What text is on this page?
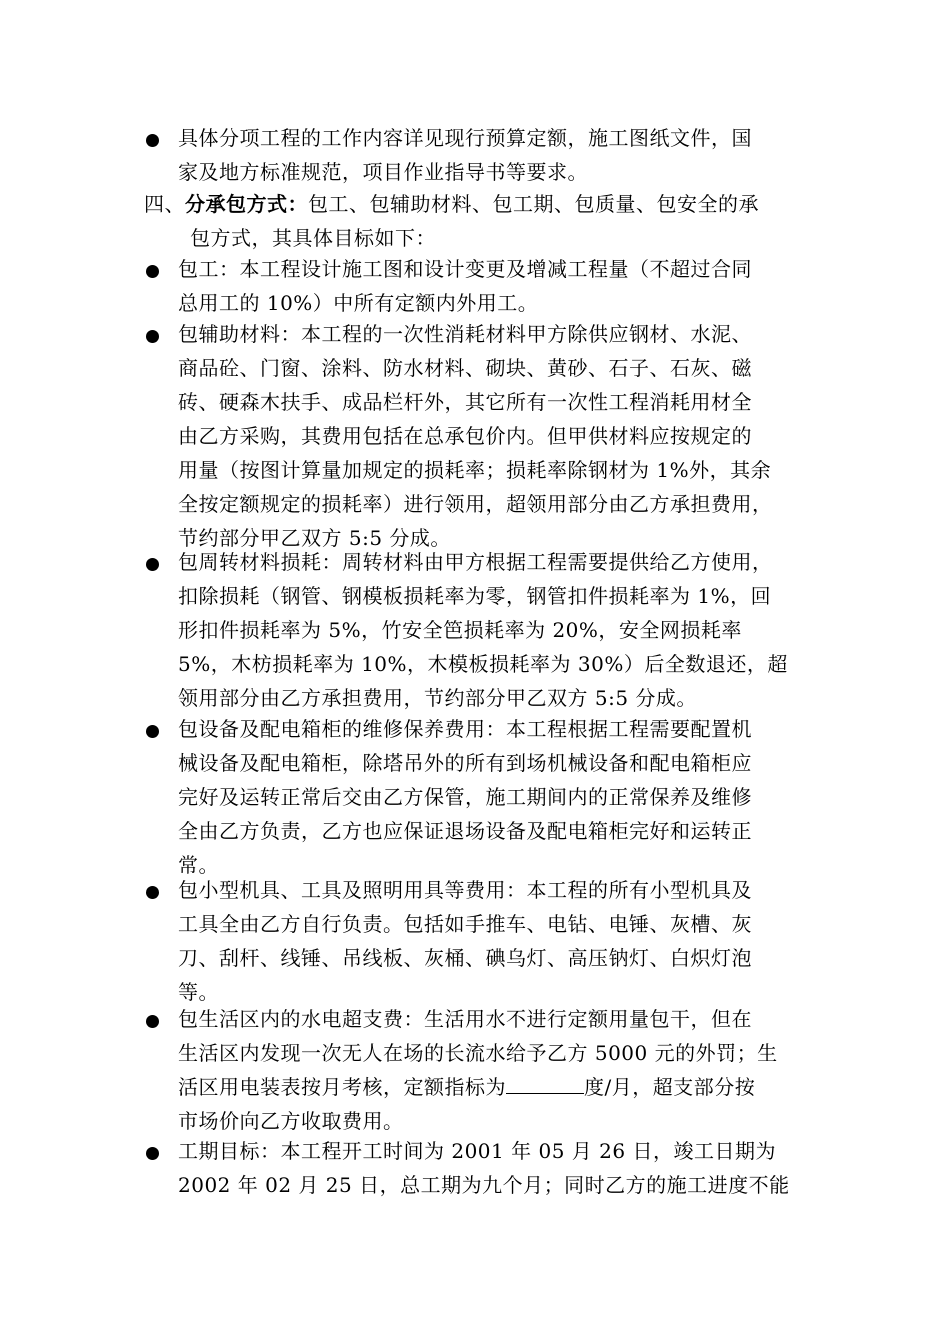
具体分项工程的工作内容详见现行预算定额，施工图纸文件，国
家及地方标准规范，项目作业指导书等要求。
四、分承包方式：包工、包辅助材料、包工期、包质量、包安全的承
包方式，其具体目标如下：
包工：本工程设计施工图和设计变更及增减工程量（不超过合同
总用工的 10%）中所有定额内外用工。
包辅助材料：本工程的一次性消耗材料甲方除供应钢材、水泥、
商品砼、门窗、涂料、防水材料、砌块、黄砂、石子、石灰、磁
砖、硬森木扶手、成品栏杆外，其它所有一次性工程消耗用材全
由乙方采购，其费用包括在总承包价内。但甲供材料应按规定的
用量（按图计算量加规定的损耗率；损耗率除钢材为 1%外，其余
全按定额规定的损耗率）进行领用，超领用部分由乙方承担费用，
节约部分甲乙双方 5:5 分成。
包周转材料损耗：周转材料由甲方根据工程需要提供给乙方使用，
扣除损耗（钢管、钢模板损耗率为零，钢管扣件损耗率为 1%，回
形扣件损耗率为 5%，竹安全笆损耗率为 20%，安全网损耗率
5%，木枋损耗率为 10%，木模板损耗率为 30%）后全数退还，超
领用部分由乙方承担费用，节约部分甲乙双方 5:5 分成。
包设备及配电箱柜的维修保养费用：本工程根据工程需要配置机
械设备及配电箱柜，除塔吊外的所有到场机械设备和配电箱柜应
完好及运转正常后交由乙方保管，施工期间内的正常保养及维修
全由乙方负责，乙方也应保证退场设备及配电箱柜完好和运转正
常。
包小型机具、工具及照明用具等费用：本工程的所有小型机具及
工具全由乙方自行负责。包括如手推车、电钻、电锤、灰槽、灰
刀、刮杆、线锤、吊线板、灰桶、碘乌灯、高压钠灯、白炽灯泡
等。
包生活区内的水电超支费：生活用水不进行定额用量包干，但在
生活区内发现一次无人在场的长流水给予乙方 5000 元的外罚；生
活区用电装表按月考核，定额指标为	度/月，超支部分按
市场价向乙方收取费用。
工期目标：本工程开工时间为 2001 年 05 月 26 日，竣工日期为
2002 年 02 月 25 日，总工期为九个月；同时乙方的施工进度不能
